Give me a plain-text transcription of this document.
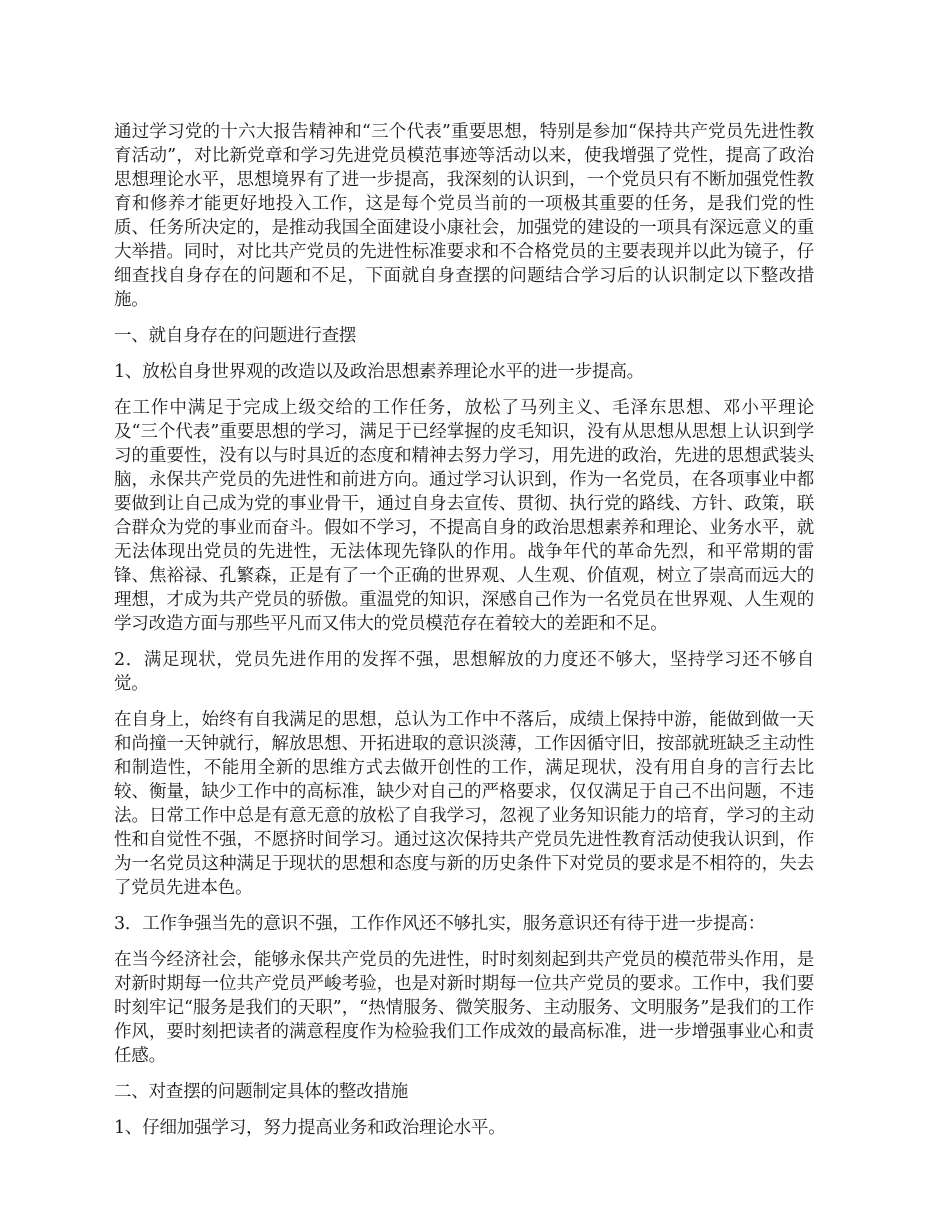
通过学习党的十六大报告精神和“三个代表”重要思想，特别是参加“保持共产党员先进性教育活动”，对比新党章和学习先进党员模范事迹等活动以来，使我增强了党性，提高了政治思想理论水平，思想境界有了进一步提高，我深刻的认识到，一个党员只有不断加强党性教育和修养才能更好地投入工作，这是每个党员当前的一项极其重要的任务，是我们党的性质、任务所决定的，是推动我国全面建设小康社会，加强党的建设的一项具有深远意义的重大举措。同时，对比共产党员的先进性标准要求和不合格党员的主要表现并以此为镜子，仔细查找自身存在的问题和不足，下面就自身查摆的问题结合学习后的认识制定以下整改措施。

一、就自身存在的问题进行查摆

1、放松自身世界观的改造以及政治思想素养理论水平的进一步提高。

在工作中满足于完成上级交给的工作任务，放松了马列主义、毛泽东思想、邓小平理论及“三个代表”重要思想的学习，满足于已经掌握的皮毛知识，没有从思想从思想上认识到学习的重要性，没有以与时具近的态度和精神去努力学习，用先进的政治，先进的思想武装头脑，永保共产党员的先进性和前进方向。通过学习认识到，作为一名党员，在各项事业中都要做到让自己成为党的事业骨干，通过自身去宣传、贯彻、执行党的路线、方针、政策，联合群众为党的事业而奋斗。假如不学习，不提高自身的政治思想素养和理论、业务水平，就无法体现出党员的先进性，无法体现先锋队的作用。战争年代的革命先烈，和平常期的雷锋、焦裕禄、孔繁森，正是有了一个正确的世界观、人生观、价值观，树立了崇高而远大的理想，才成为共产党员的骄傲。重温党的知识，深感自己作为一名党员在世界观、人生观的学习改造方面与那些平凡而又伟大的党员模范存在着较大的差距和不足。

2．满足现状，党员先进作用的发挥不强，思想解放的力度还不够大，坚持学习还不够自觉。

在自身上，始终有自我满足的思想，总认为工作中不落后，成绩上保持中游，能做到做一天和尚撞一天钟就行，解放思想、开拓进取的意识淡薄，工作因循守旧，按部就班缺乏主动性和制造性，不能用全新的思维方式去做开创性的工作，满足现状，没有用自身的言行去比较、衡量，缺少工作中的高标准，缺少对自己的严格要求，仅仅满足于自己不出问题，不违法。日常工作中总是有意无意的放松了自我学习，忽视了业务知识能力的培育，学习的主动性和自觉性不强，不愿挤时间学习。通过这次保持共产党员先进性教育活动使我认识到，作为一名党员这种满足于现状的思想和态度与新的历史条件下对党员的要求是不相符的，失去了党员先进本色。

3．工作争强当先的意识不强，工作作风还不够扎实，服务意识还有待于进一步提高：

在当今经济社会，能够永保共产党员的先进性，时时刻刻起到共产党员的模范带头作用，是对新时期每一位共产党员严峻考验，也是对新时期每一位共产党员的要求。工作中，我们要时刻牢记“服务是我们的天职”，“热情服务、微笑服务、主动服务、文明服务”是我们的工作作风，要时刻把读者的满意程度作为检验我们工作成效的最高标准，进一步增强事业心和责任感。

二、对查摆的问题制定具体的整改措施

1、仔细加强学习，努力提高业务和政治理论水平。
